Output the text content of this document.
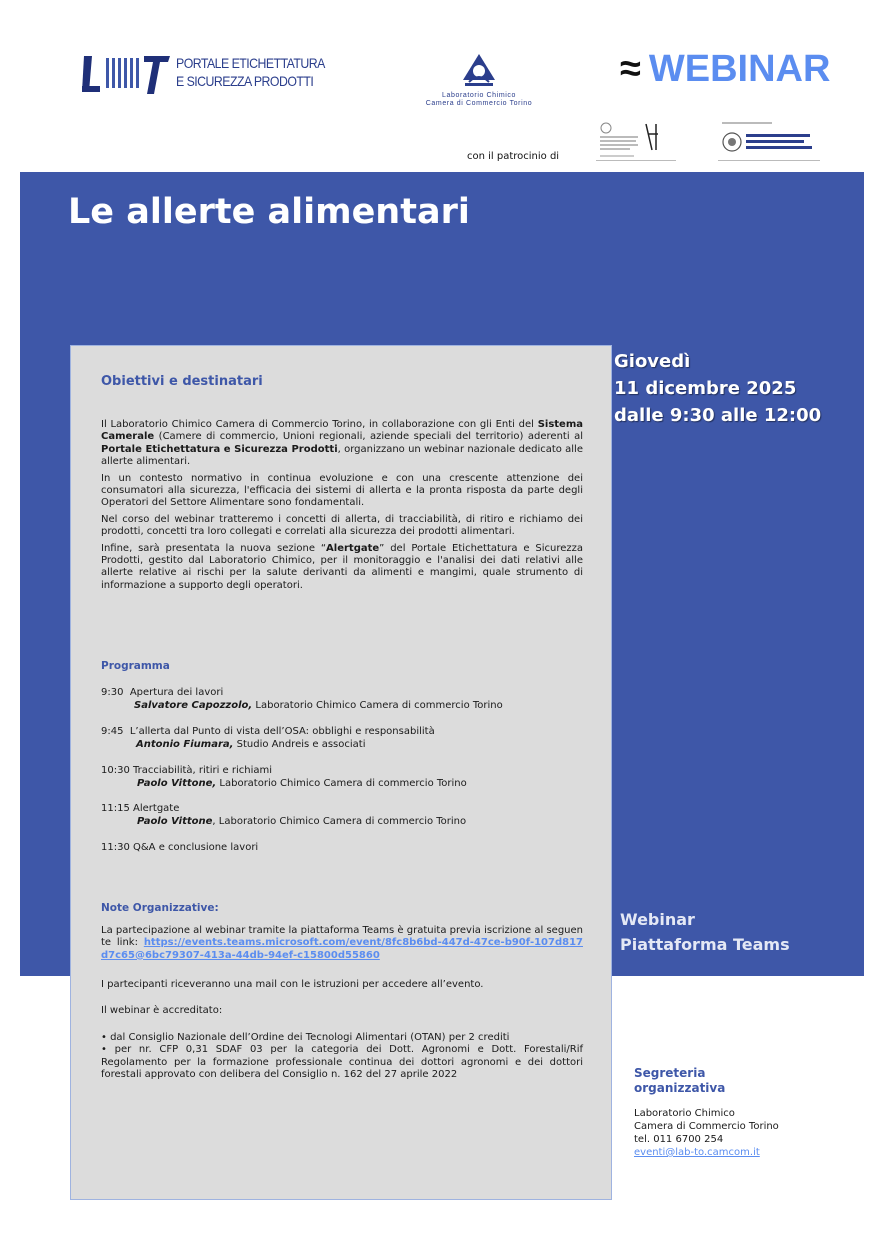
PORTALE ETICHETTATURA
E SICUREZZA PRODOTTI
Laboratorio Chimico
Camera di Commercio Torino
≈ WEBINAR
con il patrocinio di
Le allerte alimentari
Giovedì
11 dicembre 2025
dalle 9:30 alle 12:00
Webinar
Piattaforma Teams
Obiettivi e destinatari

Il Laboratorio Chimico Camera di Commercio Torino, in collaborazione con gli Enti del Sistema Camerale (Camere di commercio, Unioni regionali, aziende speciali del territorio) aderenti al Portale Etichettatura e Sicurezza Prodotti, organizzano un webinar nazionale dedicato alle allerte alimentari.

In un contesto normativo in continua evoluzione e con una crescente attenzione dei consumatori alla sicurezza, l'efficacia dei sistemi di allerta e la pronta risposta da parte degli Operatori del Settore Alimentare sono fondamentali.

Nel corso del webinar tratteremo i concetti di allerta, di tracciabilità, di ritiro e richiamo dei prodotti, concetti tra loro collegati e correlati alla sicurezza dei prodotti alimentari.

Infine, sarà presentata la nuova sezione “Alertgate” del Portale Etichettatura e Sicurezza Prodotti, gestito dal Laboratorio Chimico, per il monitoraggio e l'analisi dei dati relativi alle allerte relative ai rischi per la salute derivanti da alimenti e mangimi, quale strumento di informazione a supporto degli operatori.

Programma
9:30 Apertura dei lavori
Salvatore Capozzolo, Laboratorio Chimico Camera di commercio Torino
9:45 L’allerta dal Punto di vista dell’OSA: obblighi e responsabilità
Antonio Fiumara, Studio Andreis e associati
10:30 Tracciabilità, ritiri e richiami
Paolo Vittone, Laboratorio Chimico Camera di commercio Torino
11:15 Alertgate
Paolo Vittone, Laboratorio Chimico Camera di commercio Torino
11:30 Q&A e conclusione lavori
Note Organizzative:

La partecipazione al webinar tramite la piattaforma Teams è gratuita previa iscrizione al seguente link: https://events.teams.microsoft.com/event/8fc8b6bd-447d-47ce-b90f-107d817d7c65@6bc79307-413a-44db-94ef-c15800d55860

I partecipanti riceveranno una mail con le istruzioni per accedere all’evento.
Il webinar è accreditato:
• dal Consiglio Nazionale dell’Ordine dei Tecnologi Alimentari (OTAN) per 2 crediti
• per nr. CFP 0,31 SDAF 03 per la categoria dei Dott. Agronomi e Dott. Forestali/Rif Regolamento per la formazione professionale continua dei dottori agronomi e dei dottori forestali approvato con delibera del Consiglio n. 162 del 27 aprile 2022	Segreteria
organizzativa
Laboratorio Chimico
Camera di Commercio Torino
tel. 011 6700 254
eventi@lab-to.camcom.it
